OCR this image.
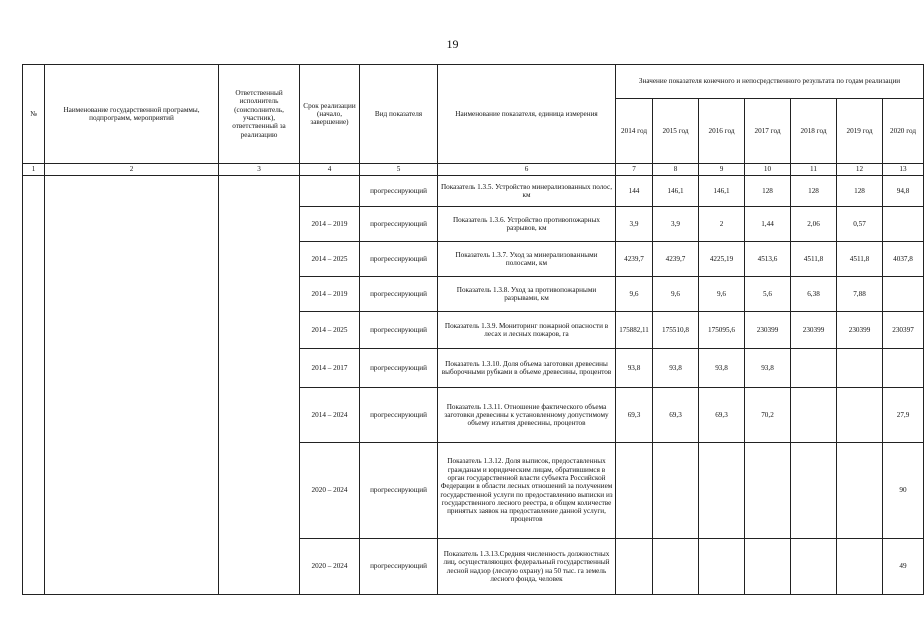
19
№	Наименование государственной программы, подпрограмм, мероприятий	Ответственный исполнитель (соисполнитель, участник), ответственный за реализацию	Срок реализации (начало, завершение)	Вид показателя	Наименование показателя, единица измерения	Значение показателя конечного и непосредственного результата по годам реализации						
						2014 год	2015 год	2016 год	2017 год	2018 год	2019 год	2020 год
1	2	3	4	5	6	7	8	9	10	11	12	13
				прогрессирующий	Показатель 1.3.5. Устройство минерализованных полос, км	144	146,1	146,1	128	128	128	94,8
			2014 – 2019	прогрессирующий	Показатель 1.3.6. Устройство противопожарных разрывов, км	3,9	3,9	2	1,44	2,06	0,57	
			2014 – 2025	прогрессирующий	Показатель 1.3.7. Уход за минерализованными полосами, км	4239,7	4239,7	4225,19	4513,6	4511,8	4511,8	4037,8
			2014 – 2019	прогрессирующий	Показатель 1.3.8. Уход за противопожарными разрывами, км	9,6	9,6	9,6	5,6	6,38	7,88	
			2014 – 2025	прогрессирующий	Показатель 1.3.9. Мониторинг пожарной опасности в лесах и лесных пожаров, га	175882,11	175510,8	175095,6	230399	230399	230399	230397
			2014 – 2017	прогрессирующий	Показатель 1.3.10. Доля объема заготовки древесины выборочными рубками в объеме древесины, процентов	93,8	93,8	93,8	93,8			
			2014 – 2024	прогрессирующий	Показатель 1.3.11. Отношение фактического объема заготовки древесины к установленному допустимому объему изъятия древесины, процентов	69,3	69,3	69,3	70,2			27,9
			2020 – 2024	прогрессирующий	Показатель 1.3.12. Доля выписок, предоставленных гражданам и юридическим лицам, обратившимся в орган государственной власти субъекта Российской Федерации в области лесных отношений за получением государственной услуги по предоставлению выписки из государственного лесного реестра, в общем количестве принятых заявок на предоставление данной услуги, процентов							90
			2020 – 2024	прогрессирующий	Показатель 1.3.13.Средняя численность должностных лиц, осуществляющих федеральный государственный лесной надзор (лесную охрану) на 50 тыс. га земель лесного фонда, человек							49
